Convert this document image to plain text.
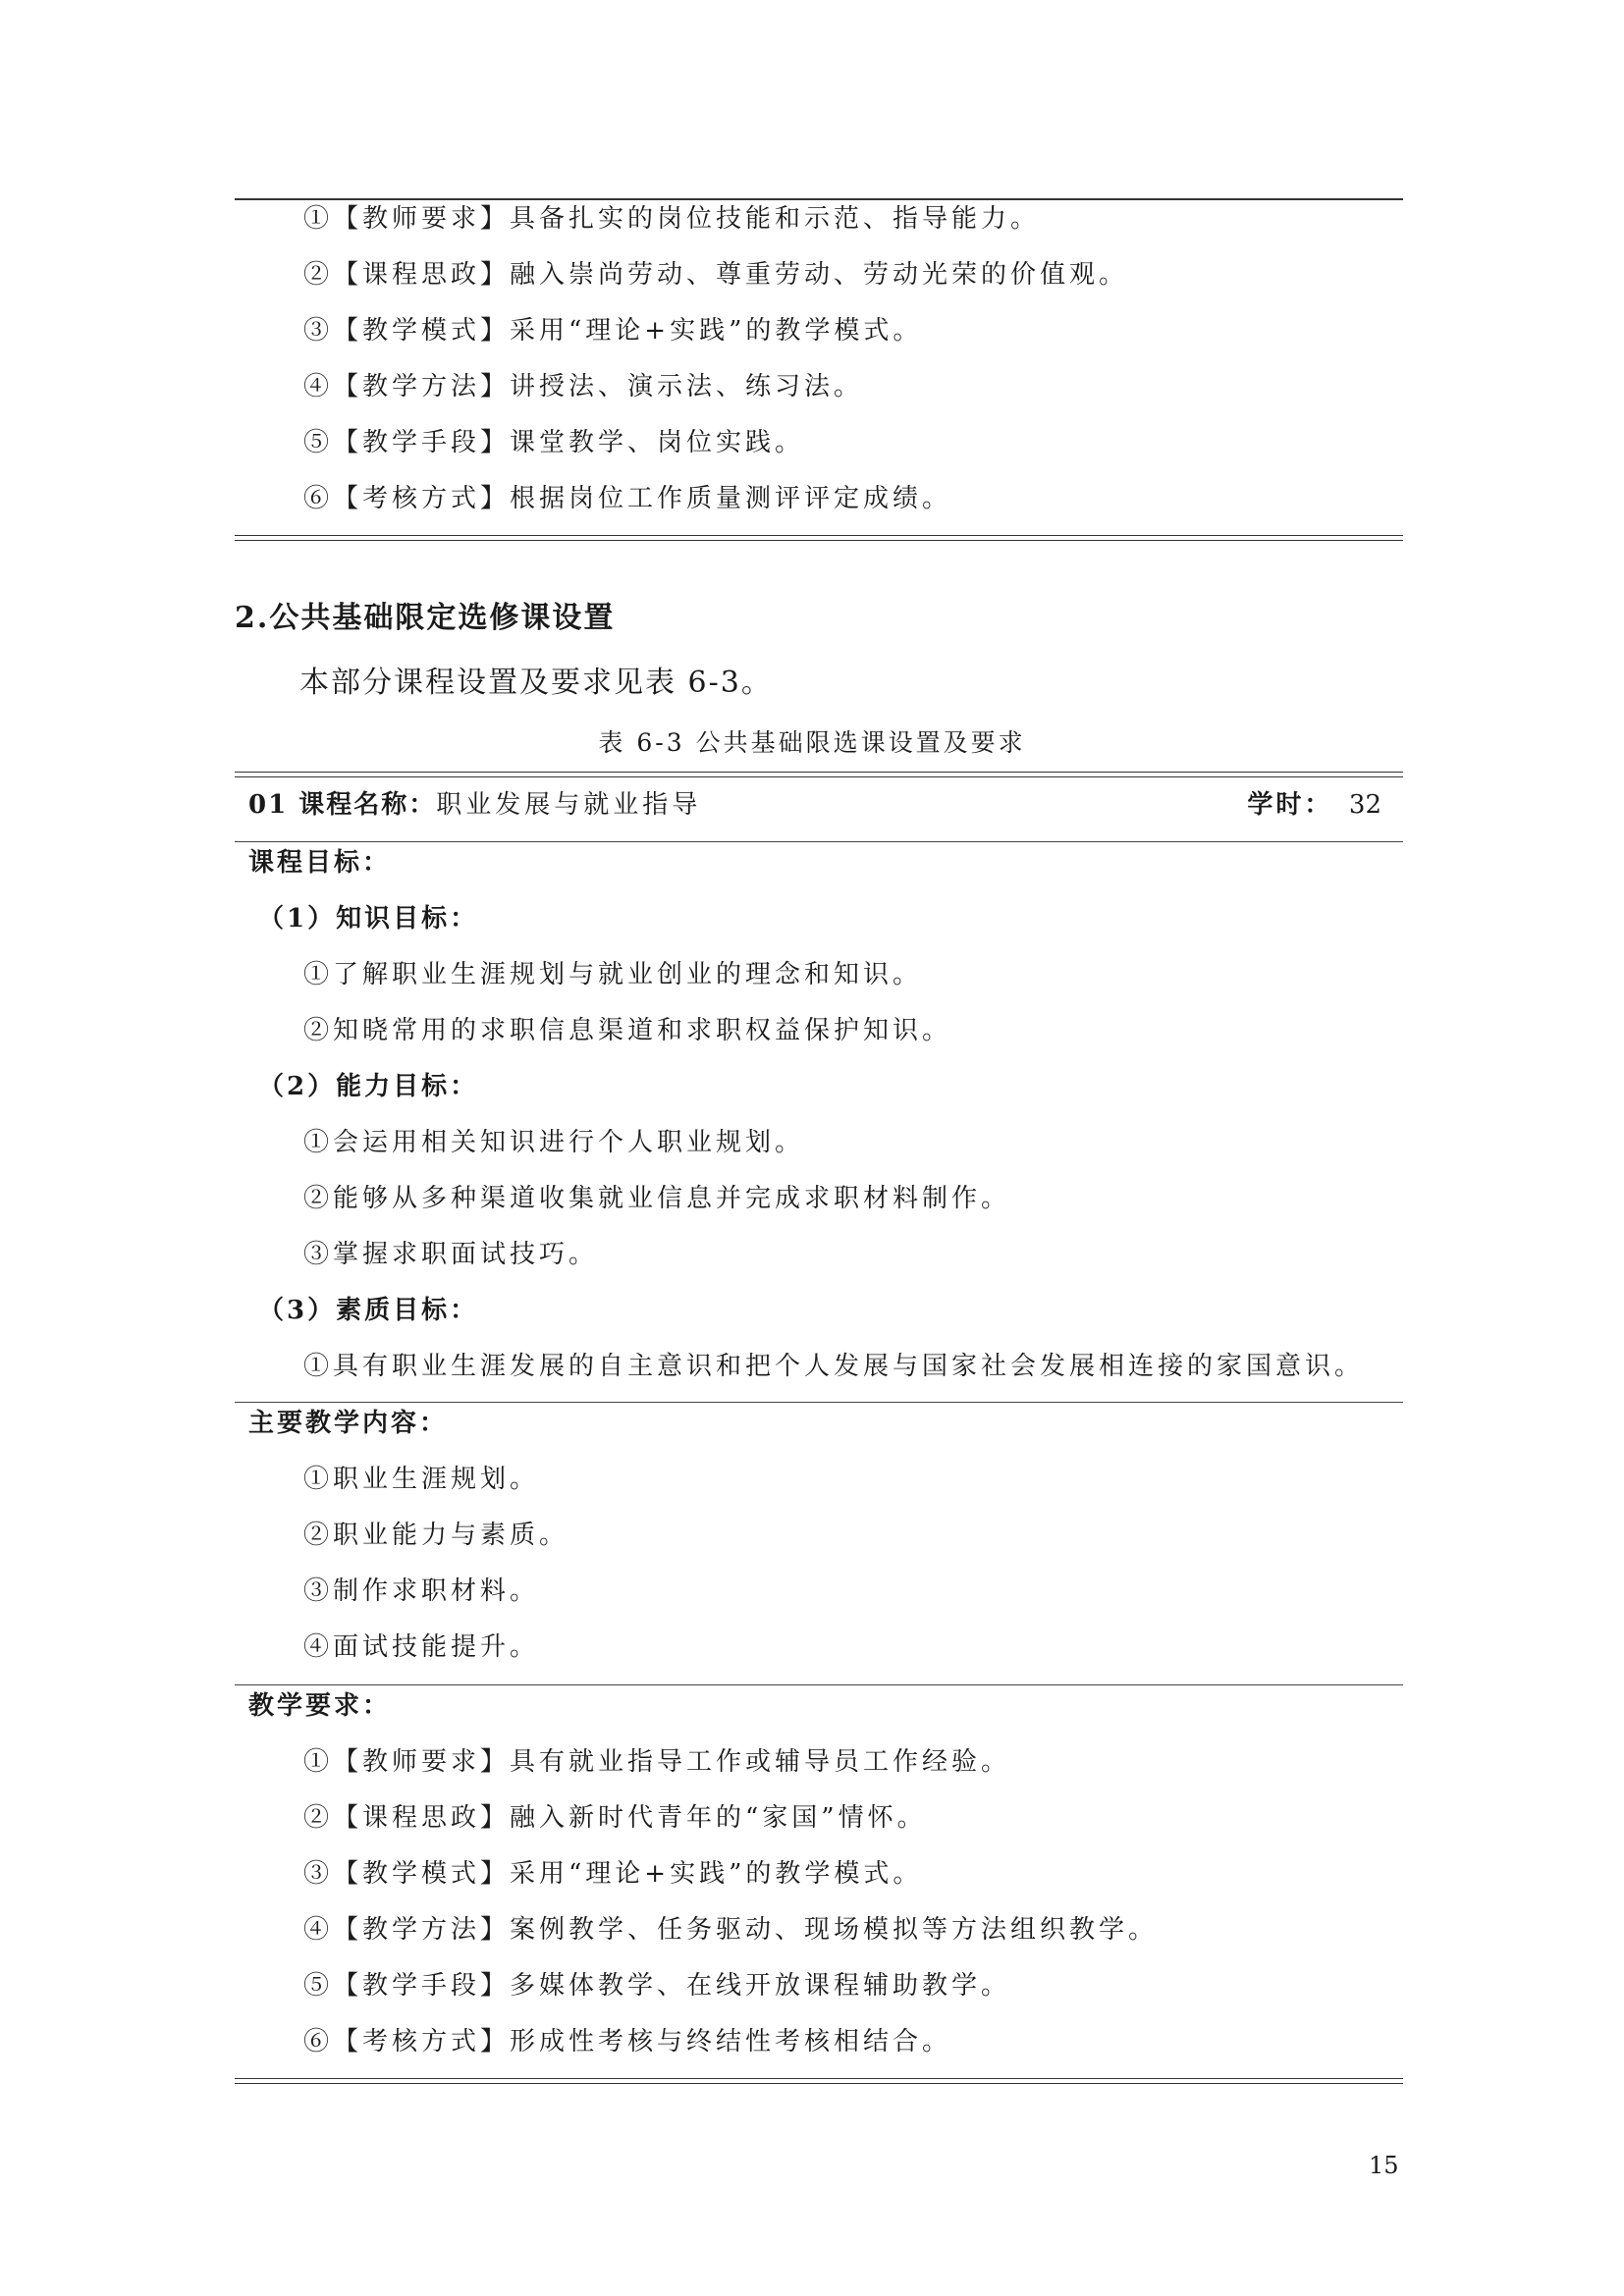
①【教师要求】具备扎实的岗位技能和示范、指导能力。
②【课程思政】融入崇尚劳动、尊重劳动、劳动光荣的价值观。
③【教学模式】采用“理论+实践”的教学模式。
④【教学方法】讲授法、演示法、练习法。
⑤【教学手段】课堂教学、岗位实践。
⑥【考核方式】根据岗位工作质量测评评定成绩。
2.公共基础限定选修课设置
本部分课程设置及要求见表 6-3。
表 6-3 公共基础限选课设置及要求
01 课程名称：职业发展与就业指导	学时： 32
课程目标：
（1）知识目标：
①了解职业生涯规划与就业创业的理念和知识。
②知晓常用的求职信息渠道和求职权益保护知识。
（2）能力目标：
①会运用相关知识进行个人职业规划。
②能够从多种渠道收集就业信息并完成求职材料制作。
③掌握求职面试技巧。
（3）素质目标：
①具有职业生涯发展的自主意识和把个人发展与国家社会发展相连接的家国意识。
主要教学内容：
①职业生涯规划。
②职业能力与素质。
③制作求职材料。
④面试技能提升。
教学要求：
①【教师要求】具有就业指导工作或辅导员工作经验。
②【课程思政】融入新时代青年的“家国”情怀。
③【教学模式】采用“理论+实践”的教学模式。
④【教学方法】案例教学、任务驱动、现场模拟等方法组织教学。
⑤【教学手段】多媒体教学、在线开放课程辅助教学。
⑥【考核方式】形成性考核与终结性考核相结合。
15
